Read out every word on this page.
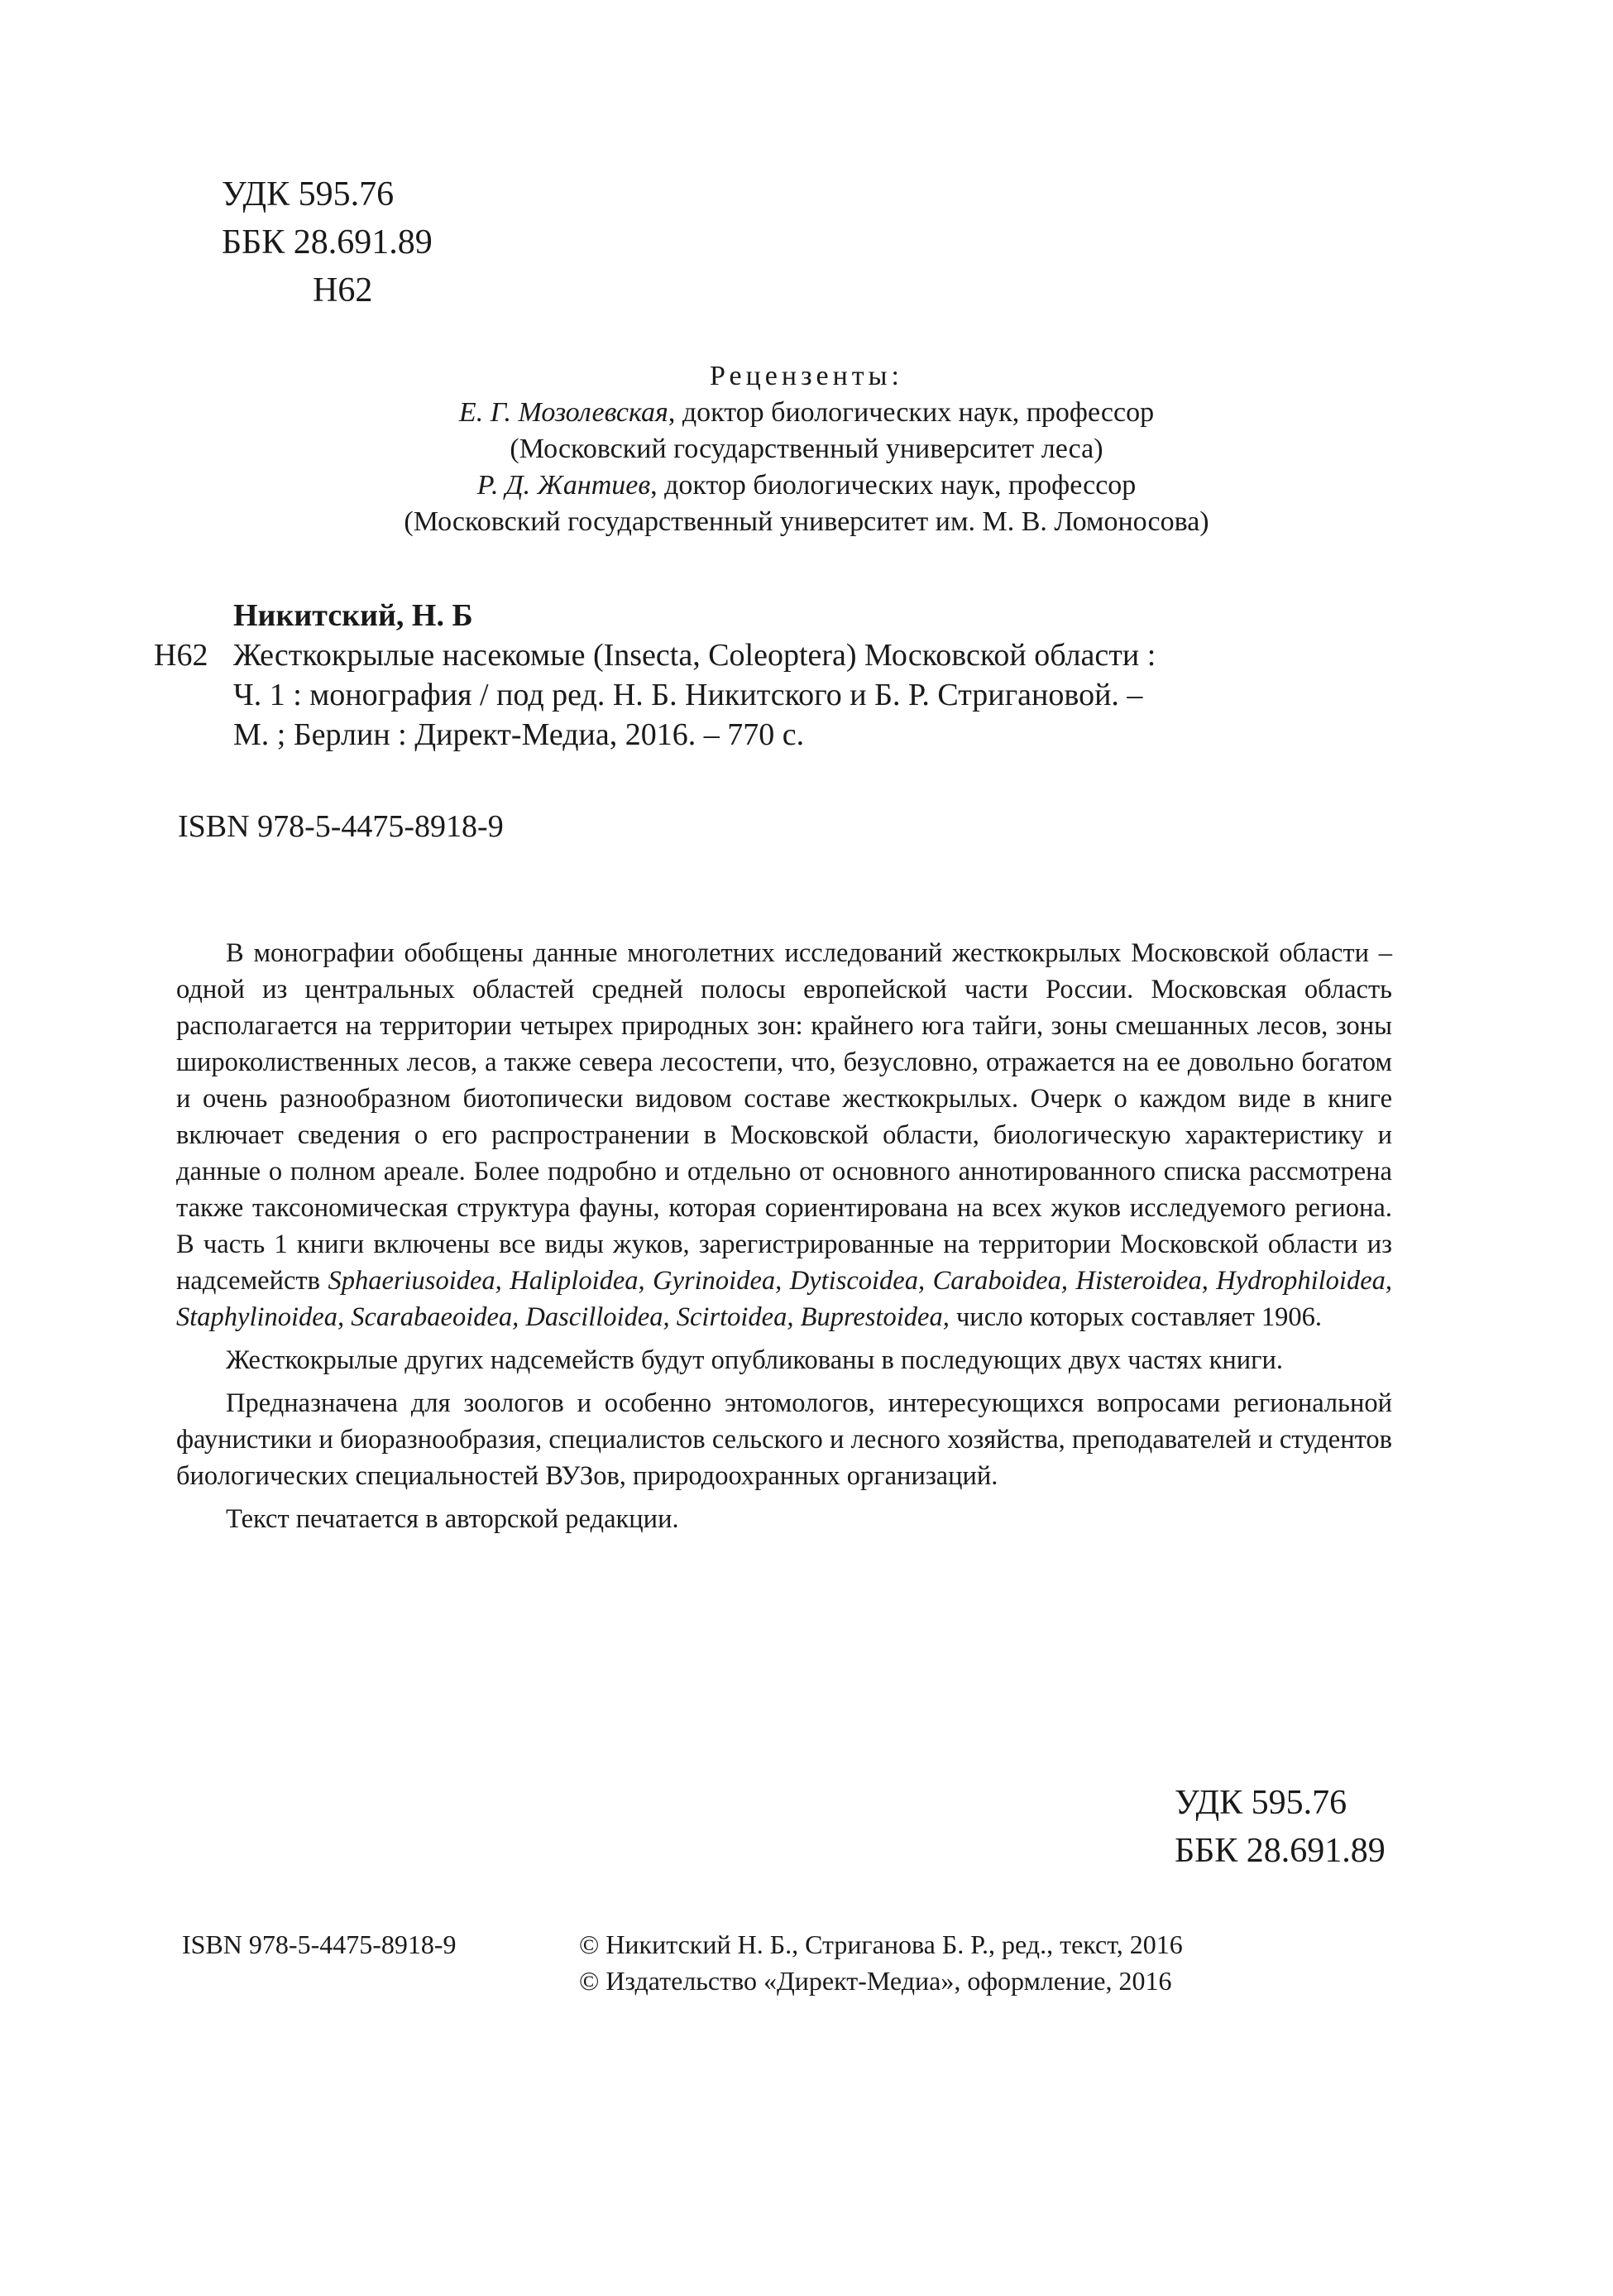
УДК 595.76
ББК 28.691.89
Н62
Рецензенты:
Е. Г. Мозолевская, доктор биологических наук, профессор
(Московский государственный университет леса)
Р. Д. Жантиев, доктор биологических наук, профессор
(Московский государственный университет им. М. В. Ломоносова)
Никитский, Н. Б
Н62 Жесткокрылые насекомые (Insecta, Coleoptera) Московской области :
Ч. 1 : монография / под ред. Н. Б. Никитского и Б. Р. Стригановой. –
М. ; Берлин : Директ-Медиа, 2016. – 770 с.
ISBN 978-5-4475-8918-9

В монографии обобщены данные многолетних исследований жесткокрылых Московской области – одной из центральных областей средней полосы европейской части России. Московская область располагается на территории четырех природных зон: крайнего юга тайги, зоны смешанных лесов, зоны широколиственных лесов, а также севера лесостепи, что, безусловно, отражается на ее довольно богатом и очень разнообразном биотопически видовом составе жесткокрылых. Очерк о каждом виде в книге включает сведения о его распространении в Московской области, биологическую характеристику и данные о полном ареале. Более подробно и отдельно от основного аннотированного списка рассмотрена также таксономическая структура фауны, которая сориентирована на всех жуков исследуемого региона. В часть 1 книги включены все виды жуков, зарегистрированные на территории Московской области из надсемейств Sphaeriusoidea, Haliploidea, Gyrinoidea, Dytiscoidea, Caraboidea, Histeroidea, Hydrophiloidea, Staphylinoidea, Scarabaeoidea, Dascilloidea, Scirtoidea, Buprestoidea, число которых составляет 1906.

Жесткокрылые других надсемейств будут опубликованы в последующих двух частях книги.

Предназначена для зоологов и особенно энтомологов, интересующихся вопросами региональной фаунистики и биоразнообразия, специалистов сельского и лесного хозяйства, преподавателей и студентов биологических специальностей ВУЗов, природоохранных организаций.

Текст печатается в авторской редакции.

УДК 595.76
ББК 28.691.89
ISBN 978-5-4475-8918-9	© Никитский Н. Б., Стриганова Б. Р., ред., текст, 2016
© Издательство «Директ-Медиа», оформление, 2016
